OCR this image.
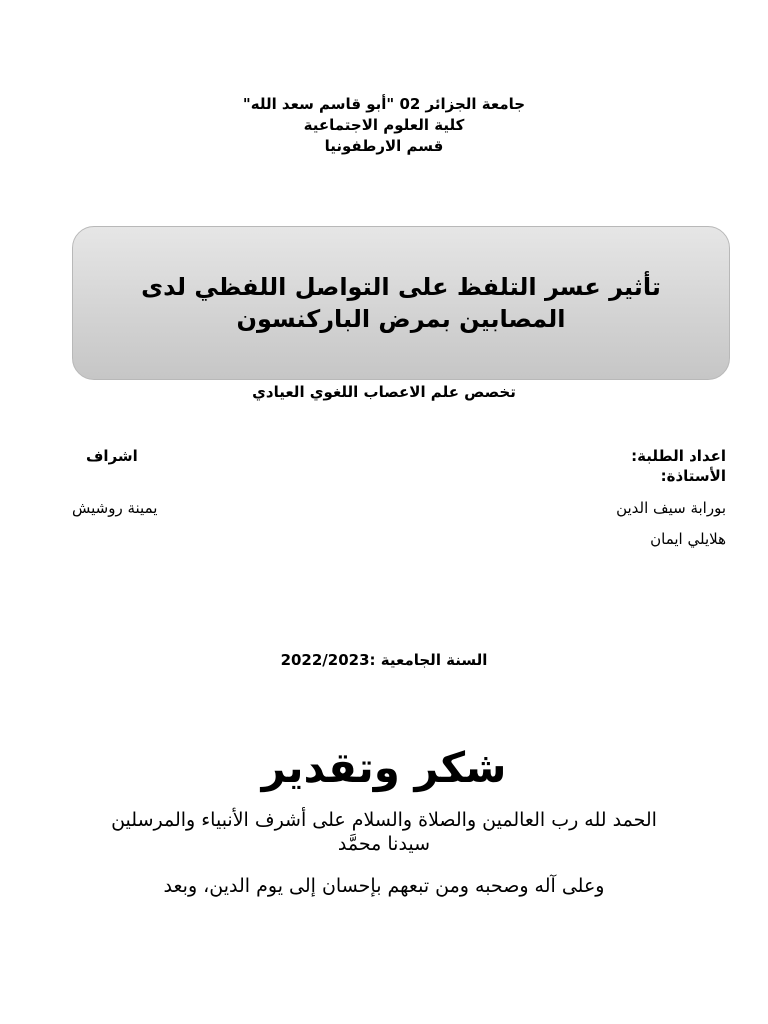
جامعة الجزائر 02 "أبو قاسم سعد الله"
كلية العلوم الاجتماعية
قسم الارطفونيا
تأثير عسر التلفظ على التواصل اللفظي لدى
المصابين بمرض الباركنسون
تخصص علم الاعصاب اللغوي العيادي
اعداد الطلبة:
الأستاذة:
بورابة سيف الدين
هلايلي ايمان
اشراف
يمينة روشيش
السنة الجامعية :2022/2023
شكر وتقدير
الحمد لله رب العالمين والصلاة والسلام على أشرف الأنبياء والمرسلين
سيدنا محمَّد
وعلى آله وصحبه ومن تبعهم بإحسان إلى يوم الدين، وبعد
